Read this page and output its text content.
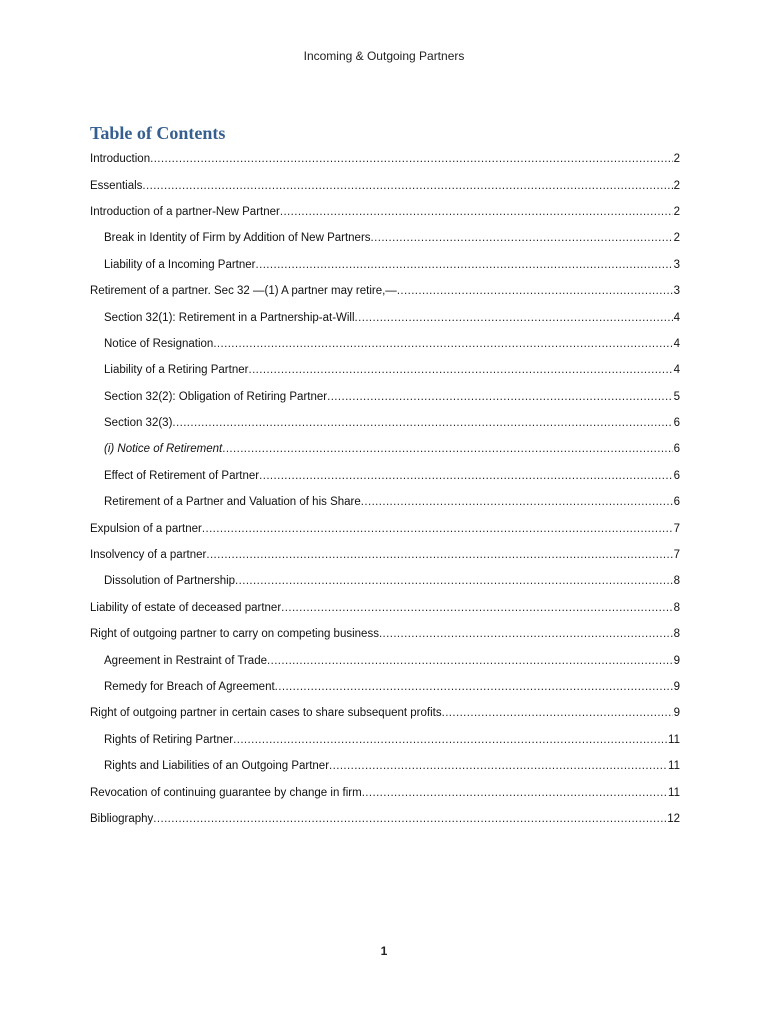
Incoming & Outgoing Partners
Table of Contents
Introduction .....	2
Essentials .....	2
Introduction of a partner-New Partner .....	2
Break in Identity of Firm by Addition of New Partners .....	2
Liability of a Incoming Partner .....	3
Retirement of a partner. Sec 32 —(1) A partner may retire,— .....	3
Section 32(1): Retirement in a Partnership-at-Will .....	4
Notice of Resignation .....	4
Liability of a Retiring Partner .....	4
Section 32(2): Obligation of Retiring Partner .....	5
Section 32(3) .....	6
(i) Notice of Retirement .....	6
Effect of Retirement of Partner .....	6
Retirement of a Partner and Valuation of his Share .....	6
Expulsion of a partner .....	7
Insolvency of a partner .....	7
Dissolution of Partnership .....	8
Liability of estate of deceased partner .....	8
Right of outgoing partner to carry on competing business .....	8
Agreement in Restraint of Trade .....	9
Remedy for Breach of Agreement .....	9
Right of outgoing partner in certain cases to share subsequent profits .....	9
Rights of Retiring Partner .....	11
Rights and Liabilities of an Outgoing Partner .....	11
Revocation of continuing guarantee by change in firm .....	11
Bibliography .....	12
1
